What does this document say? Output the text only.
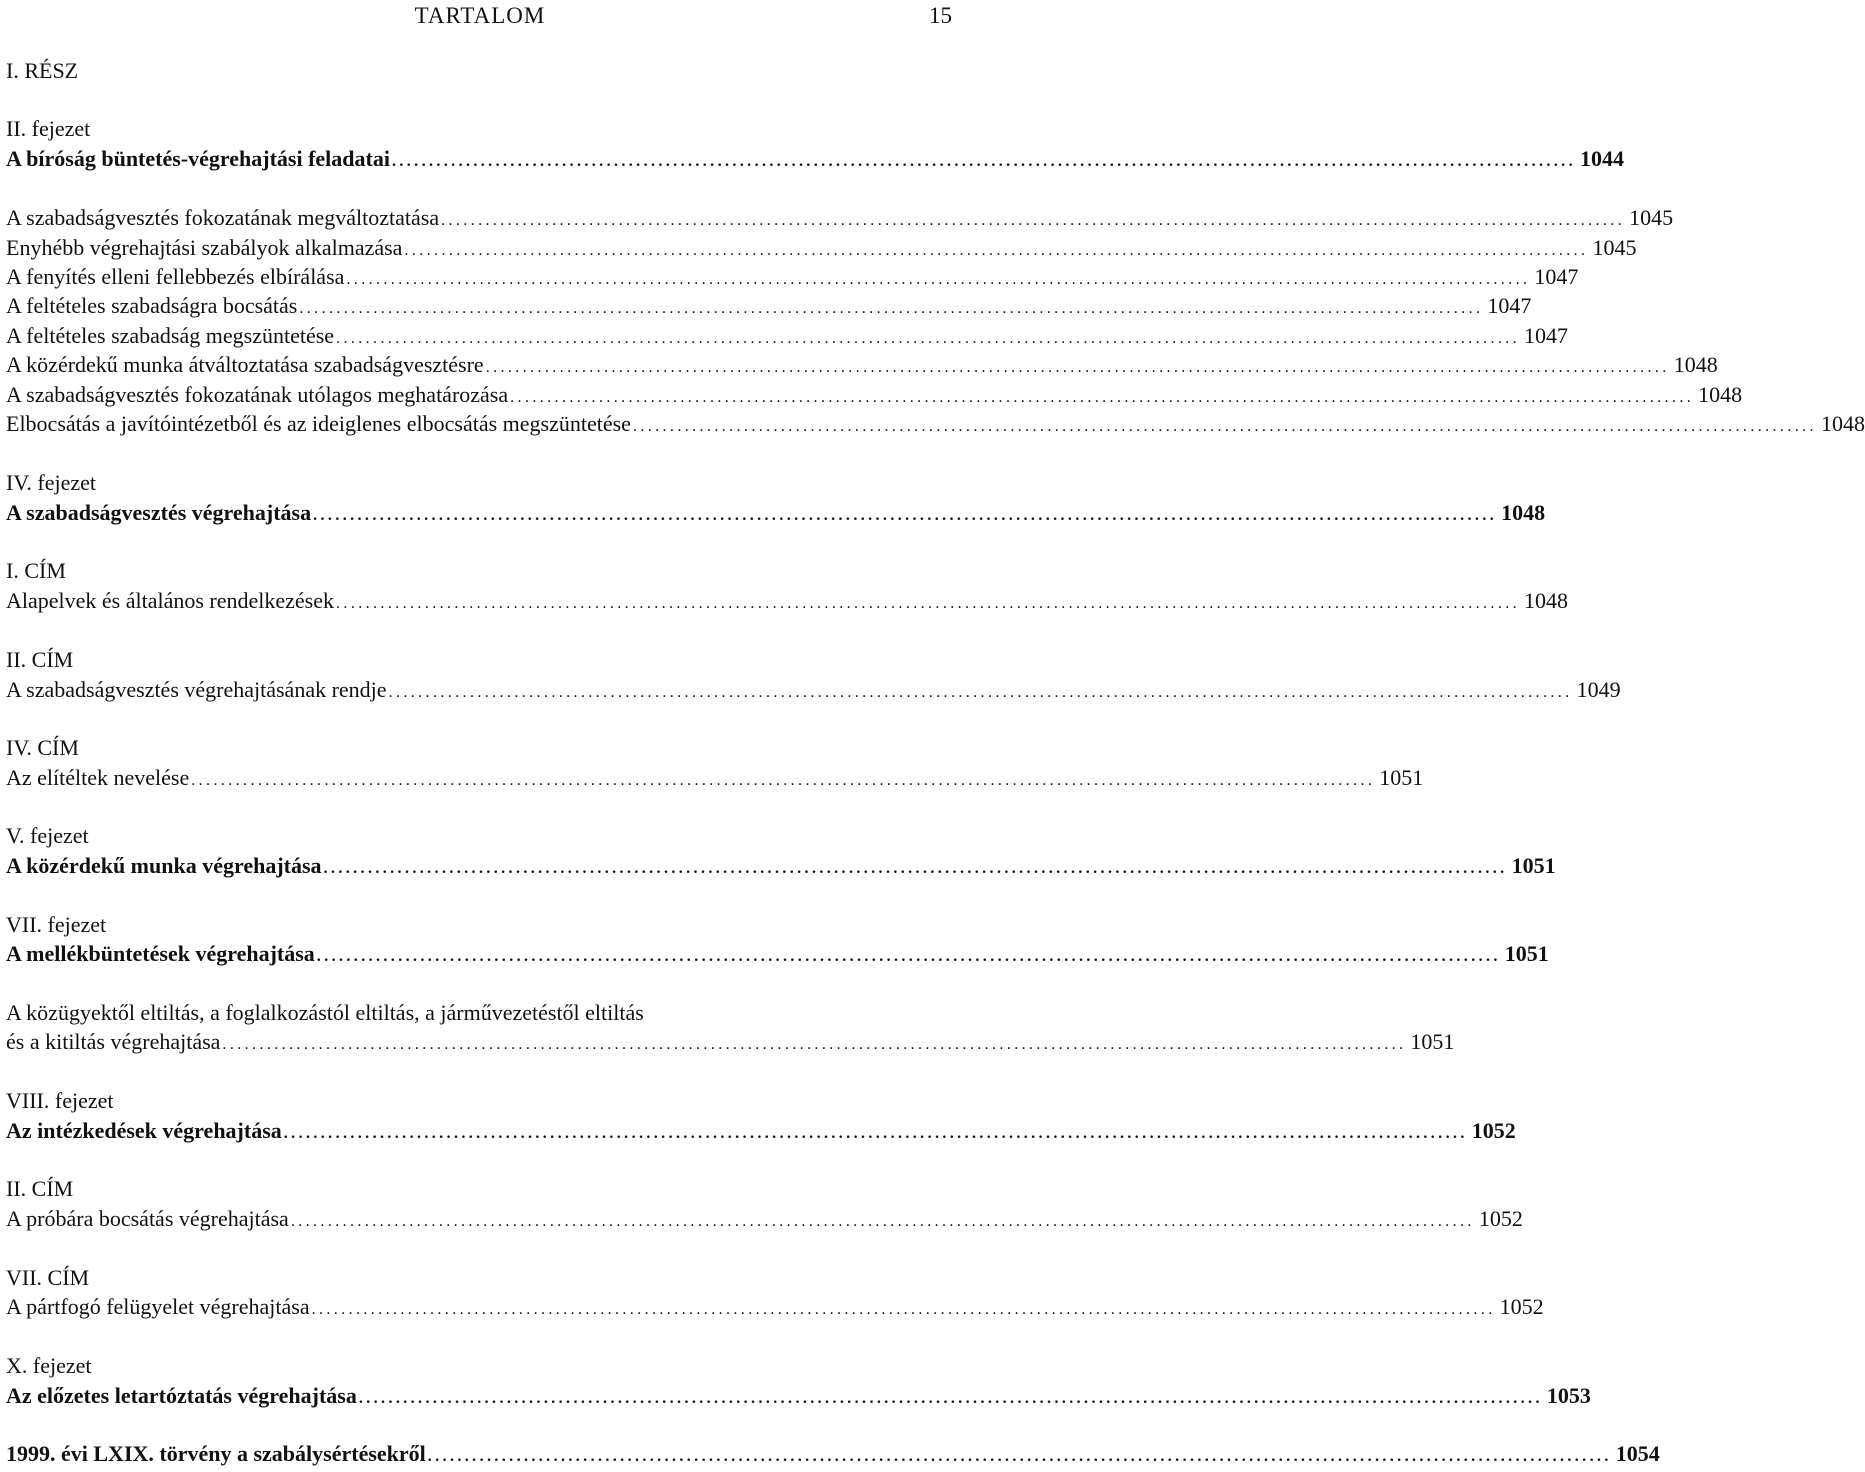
TARTALOM	15
I. RÉSZ
II. fejezet
A bíróság büntetés-végrehajtási feladatai ................................................................................................................................................................ 1044
A szabadságvesztés fokozatának megváltoztatása ................................................................................................................................................................ 1045
Enyhébb végrehajtási szabályok alkalmazása ................................................................................................................................................................ 1045
A fenyítés elleni fellebbezés elbírálása ................................................................................................................................................................ 1047
A feltételes szabadságra bocsátás ................................................................................................................................................................ 1047
A feltételes szabadság megszüntetése ................................................................................................................................................................ 1047
A közérdekű munka átváltoztatása szabadságvesztésre ................................................................................................................................................................ 1048
A szabadságvesztés fokozatának utólagos meghatározása ................................................................................................................................................................ 1048
Elbocsátás a javítóintézetből és az ideiglenes elbocsátás megszüntetése ................................................................................................................................................................ 1048
IV. fejezet
A szabadságvesztés végrehajtása ................................................................................................................................................................ 1048
I. CÍM
Alapelvek és általános rendelkezések ................................................................................................................................................................ 1048
II. CÍM
A szabadságvesztés végrehajtásának rendje ................................................................................................................................................................ 1049
IV. CÍM
Az elítéltek nevelése ................................................................................................................................................................ 1051
V. fejezet
A közérdekű munka végrehajtása ................................................................................................................................................................ 1051
VII. fejezet
A mellékbüntetések végrehajtása ................................................................................................................................................................ 1051
A közügyektől eltiltás, a foglalkozástól eltiltás, a járművezetéstől eltiltás
és a kitiltás végrehajtása ................................................................................................................................................................ 1051
VIII. fejezet
Az intézkedések végrehajtása ................................................................................................................................................................ 1052
II. CÍM
A próbára bocsátás végrehajtása ................................................................................................................................................................ 1052
VII. CÍM
A pártfogó felügyelet végrehajtása ................................................................................................................................................................ 1052
X. fejezet
Az előzetes letartóztatás végrehajtása ................................................................................................................................................................ 1053
1999. évi LXIX. törvény a szabálysértésekről ................................................................................................................................................................ 1054
